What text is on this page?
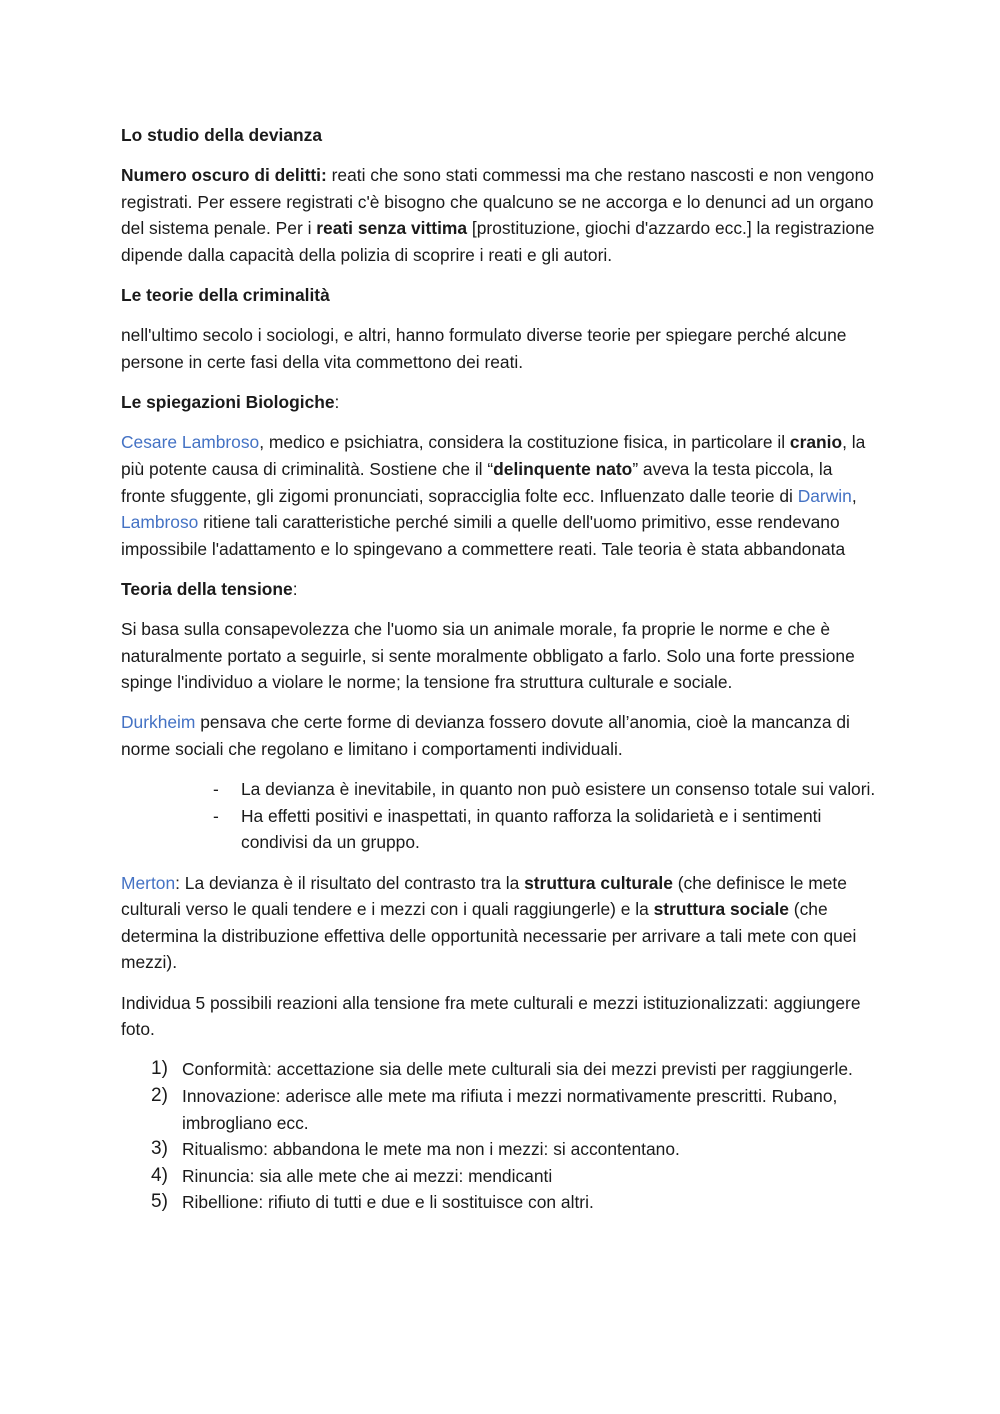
Lo studio della devianza

Numero oscuro di delitti: reati che sono stati commessi ma che restano nascosti e non vengono registrati. Per essere registrati c'è bisogno che qualcuno se ne accorga e lo denunci ad un organo del sistema penale. Per i reati senza vittima [prostituzione, giochi d'azzardo ecc.] la registrazione dipende dalla capacità della polizia di scoprire i reati e gli autori.

Le teorie della criminalità

nell'ultimo secolo i sociologi, e altri, hanno formulato diverse teorie per spiegare perché alcune persone in certe fasi della vita commettono dei reati.

Le spiegazioni Biologiche:

Cesare Lambroso, medico e psichiatra, considera la costituzione fisica, in particolare il cranio, la più potente causa di criminalità. Sostiene che il “delinquente nato” aveva la testa piccola, la fronte sfuggente, gli zigomi pronunciati, sopracciglia folte ecc. Influenzato dalle teorie di Darwin, Lambroso ritiene tali caratteristiche perché simili a quelle dell'uomo primitivo, esse rendevano impossibile l'adattamento e lo spingevano a commettere reati. Tale teoria è stata abbandonata

Teoria della tensione:

Si basa sulla consapevolezza che l'uomo sia un animale morale, fa proprie le norme e che è naturalmente portato a seguirle, si sente moralmente obbligato a farlo. Solo una forte pressione spinge l'individuo a violare le norme; la tensione fra struttura culturale e sociale.

Durkheim pensava che certe forme di devianza fossero dovute all’anomia, cioè la mancanza di norme sociali che regolano e limitano i comportamenti individuali.

- La devianza è inevitabile, in quanto non può esistere un consenso totale sui valori.
- Ha effetti positivi e inaspettati, in quanto rafforza la solidarietà e i sentimenti condivisi da un gruppo.

Merton: La devianza è il risultato del contrasto tra la struttura culturale (che definisce le mete culturali verso le quali tendere e i mezzi con i quali raggiungerle) e la struttura sociale (che determina la distribuzione effettiva delle opportunità necessarie per arrivare a tali mete con quei mezzi).

Individua 5 possibili reazioni alla tensione fra mete culturali e mezzi istituzionalizzati: aggiungere foto.

1) Conformità: accettazione sia delle mete culturali sia dei mezzi previsti per raggiungerle.
2) Innovazione: aderisce alle mete ma rifiuta i mezzi normativamente prescritti. Rubano, imbrogliano ecc.
3) Ritualismo: abbandona le mete ma non i mezzi: si accontentano.
4) Rinuncia: sia alle mete che ai mezzi: mendicanti
5) Ribellione: rifiuto di tutti e due e li sostituisce con altri.
